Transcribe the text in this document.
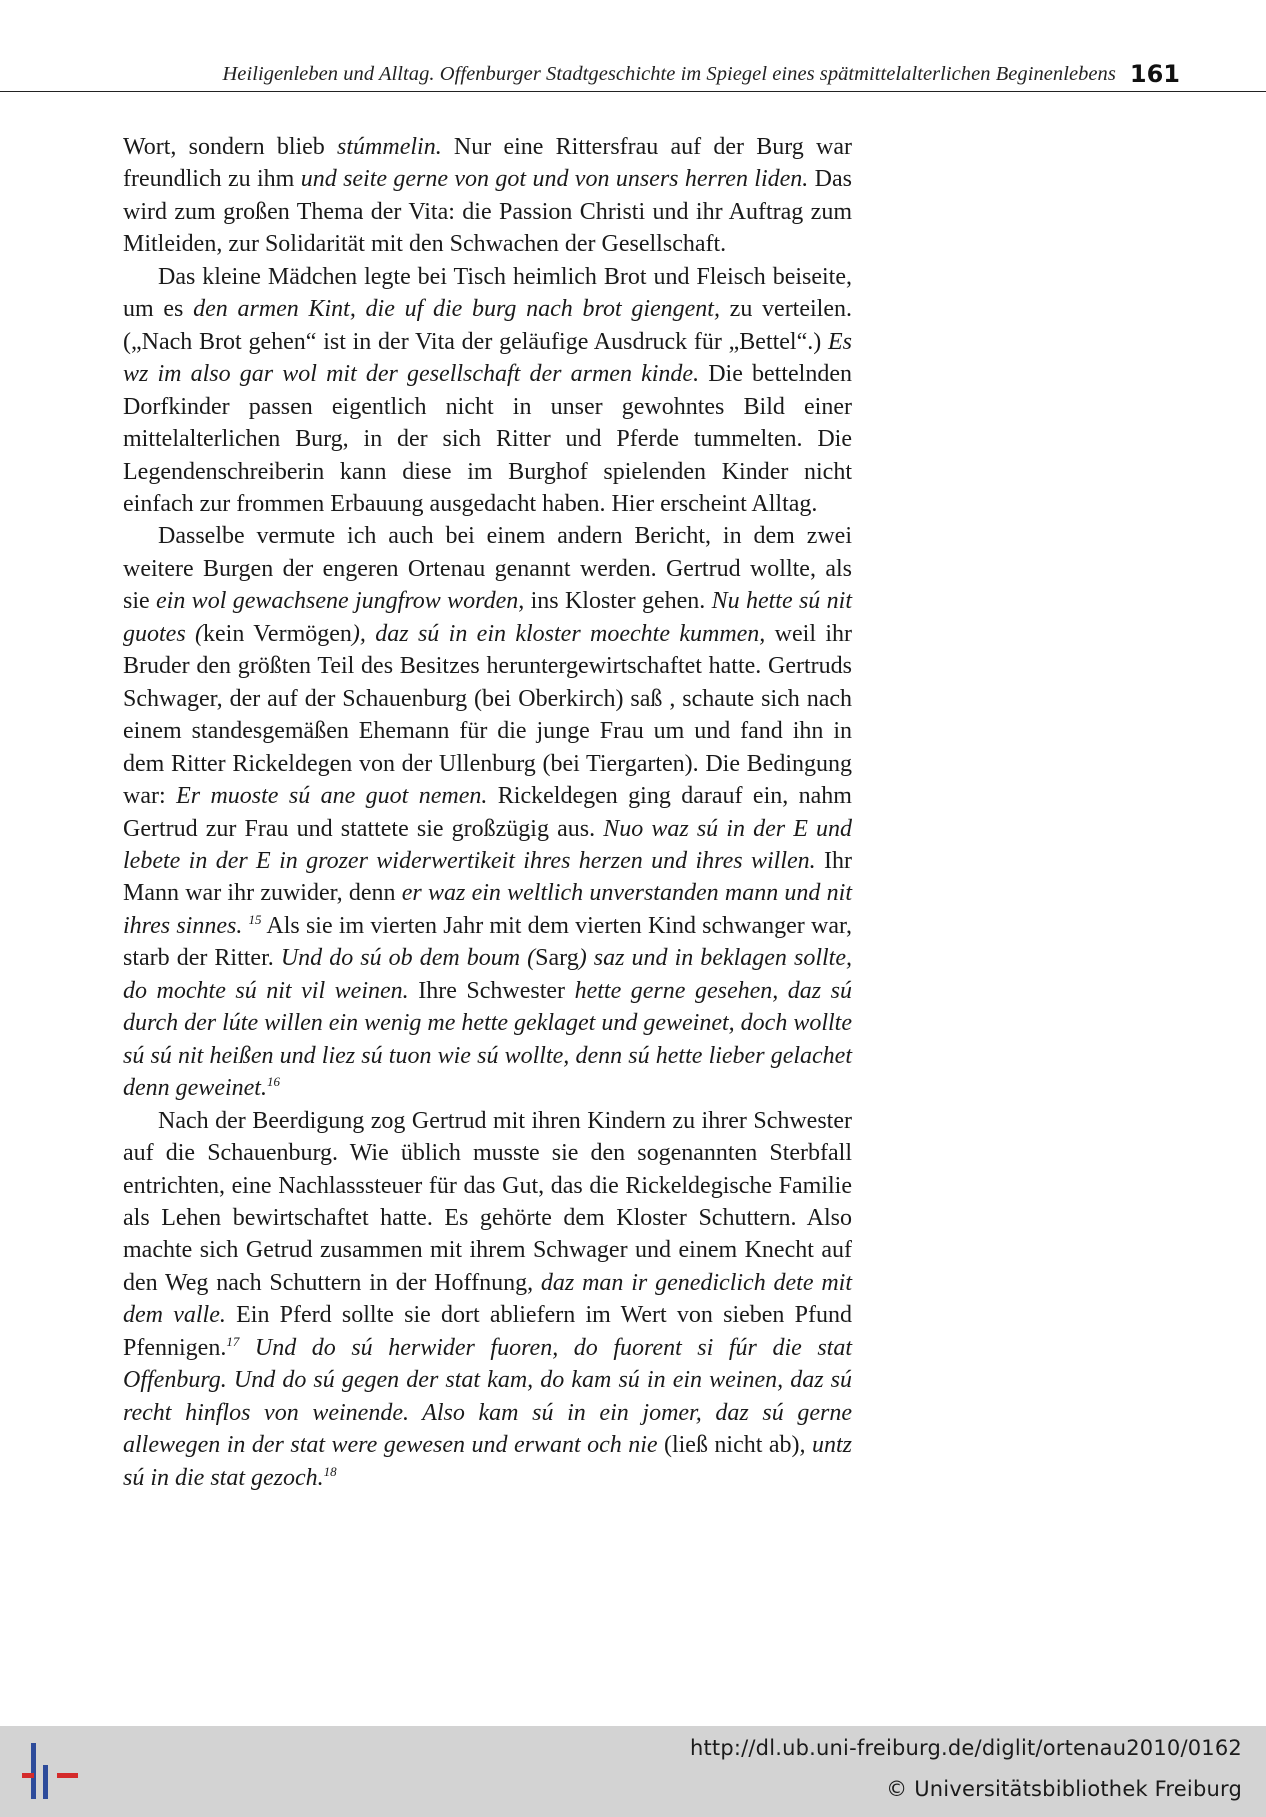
Heiligenleben und Alltag. Offenburger Stadtgeschichte im Spiegel eines spätmittelalterlichen Beginenlebens 161

Wort, sondern blieb stúmmelin. Nur eine Rittersfrau auf der Burg war freundlich zu ihm und seite gerne von got und von unsers herren liden. Das wird zum großen Thema der Vita: die Passion Christi und ihr Auftrag zum Mitleiden, zur Solidarität mit den Schwachen der Gesellschaft.

Das kleine Mädchen legte bei Tisch heimlich Brot und Fleisch beiseite, um es den armen Kint, die uf die burg nach brot giengent, zu verteilen. („Nach Brot gehen“ ist in der Vita der geläufige Ausdruck für „Bettel“.) Es wz im also gar wol mit der gesellschaft der armen kinde. Die bettelnden Dorfkinder passen eigentlich nicht in unser gewohntes Bild einer mittelalterlichen Burg, in der sich Ritter und Pferde tummelten. Die Legendenschreiberin kann diese im Burghof spielenden Kinder nicht einfach zur frommen Erbauung ausgedacht haben. Hier erscheint Alltag.

Dasselbe vermute ich auch bei einem andern Bericht, in dem zwei weitere Burgen der engeren Ortenau genannt werden. Gertrud wollte, als sie ein wol gewachsene jungfrow worden, ins Kloster gehen. Nu hette sú nit guotes (kein Vermögen), daz sú in ein kloster moechte kummen, weil ihr Bruder den größten Teil des Besitzes heruntergewirtschaftet hatte. Gertruds Schwager, der auf der Schauenburg (bei Oberkirch) saß , schaute sich nach einem standesgemäßen Ehemann für die junge Frau um und fand ihn in dem Ritter Rickeldegen von der Ullenburg (bei Tiergarten). Die Bedingung war: Er muoste sú ane guot nemen. Rickeldegen ging darauf ein, nahm Gertrud zur Frau und stattete sie großzügig aus. Nuo waz sú in der E und lebete in der E in grozer widerwertikeit ihres herzen und ihres willen. Ihr Mann war ihr zuwider, denn er waz ein weltlich unverstanden mann und nit ihres sinnes. $^{15}$ Als sie im vierten Jahr mit dem vierten Kind schwanger war, starb der Ritter. Und do sú ob dem boum (Sarg) saz und in beklagen sollte, do mochte sú nit vil weinen. Ihre Schwester hette gerne gesehen, daz sú durch der lúte willen ein wenig me hette geklaget und geweinet, doch wollte sú sú nit heißen und liez sú tuon wie sú wollte, denn sú hette lieber gelachet denn geweinet.$^{16}$

Nach der Beerdigung zog Gertrud mit ihren Kindern zu ihrer Schwester auf die Schauenburg. Wie üblich musste sie den sogenannten Sterbfall entrichten, eine Nachlasssteuer für das Gut, das die Rickeldegische Familie als Lehen bewirtschaftet hatte. Es gehörte dem Kloster Schuttern. Also machte sich Getrud zusammen mit ihrem Schwager und einem Knecht auf den Weg nach Schuttern in der Hoffnung, daz man ir genediclich dete mit dem valle. Ein Pferd sollte sie dort abliefern im Wert von sieben Pfund Pfennigen.$^{17}$ Und do sú herwider fuoren, do fuorent si fúr die stat Offenburg. Und do sú gegen der stat kam, do kam sú in ein weinen, daz sú recht hinflos von weinende. Also kam sú in ein jomer, daz sú gerne allewegen in der stat were gewesen und erwant och nie (ließ nicht ab), untz sú in die stat gezoch.$^{18}$

http://dl.ub.uni-freiburg.de/diglit/ortenau2010/0162
© Universitätsbibliothek Freiburg
